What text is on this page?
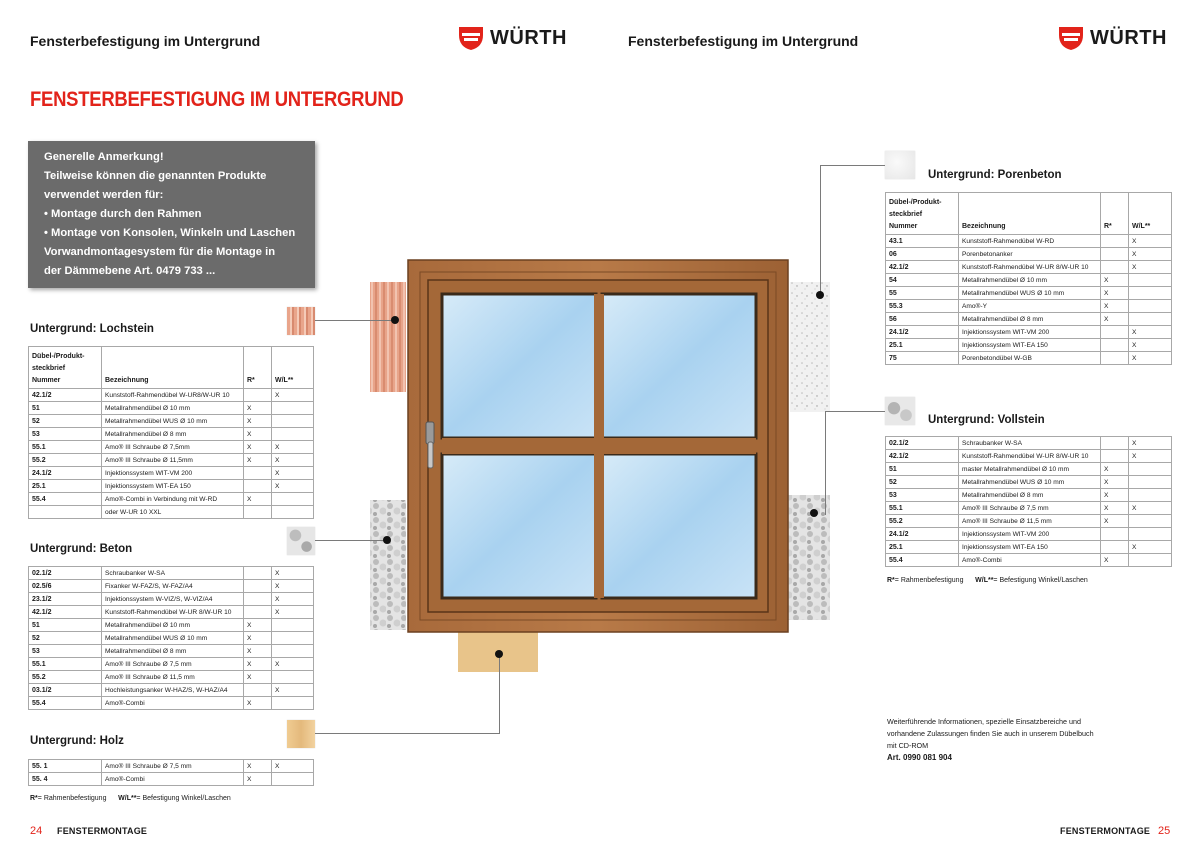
Fensterbefestigung im Untergrund	WÜRTH	Fensterbefestigung im Untergrund	WÜRTH
FENSTERBEFESTIGUNG IM UNTERGRUND
Generelle Anmerkung!
Teilweise können die genannten Produkte
verwendet werden für:
• Montage durch den Rahmen
• Montage von Konsolen, Winkeln und Laschen
Vorwandmontagesystem für die Montage in
der Dämmebene Art. 0479 733 ...
Untergrund: Lochstein
Dübel-/Produkt-
steckbrief
Nummer	Bezeichnung	R*	W/L**
42.1/2	Kunststoff-Rahmendübel W-UR8/W-UR 10		X
51	Metallrahmendübel Ø 10 mm	X	
52	Metallrahmendübel WUS Ø 10 mm	X	
53	Metallrahmendübel Ø 8 mm	X	
55.1	Amo® III Schraube Ø 7,5mm	X	X
55.2	Amo® III Schraube Ø 11,5mm	X	X
24.1/2	Injektionssystem WIT-VM 200		X
25.1	Injektionssystem WIT-EA 150		X
55.4	Amo®-Combi in Verbindung mit W-RD	X	
	oder W-UR 10 XXL		
Untergrund: Beton
02.1/2	Schraubanker W-SA		X
02.5/6	Fixanker W-FAZ/S, W-FAZ/A4		X
23.1/2	Injektionssystem W-VIZ/S, W-VIZ/A4		X
42.1/2	Kunststoff-Rahmendübel W-UR 8/W-UR 10		X
51	Metallrahmendübel Ø 10 mm	X	
52	Metallrahmendübel WUS Ø 10 mm	X	
53	Metallrahmendübel Ø 8 mm	X	
55.1	Amo® III Schraube Ø 7,5 mm	X	X
55.2	Amo® III Schraube Ø 11,5 mm	X	
03.1/2	Hochleistungsanker W-HAZ/S, W-HAZ/A4		X
55.4	Amo®-Combi	X	
Untergrund: Holz
55. 1	Amo® III Schraube Ø 7,5 mm	X	X
55. 4	Amo®-Combi	X	
R*= Rahmenbefestigung W/L**= Befestigung Winkel/Laschen
Untergrund: Porenbeton
Dübel-/Produkt-
steckbrief
Nummer	Bezeichnung	R*	W/L**
43.1	Kunststoff-Rahmendübel W-RD		X
06	Porenbetonanker		X
42.1/2	Kunststoff-Rahmendübel W-UR 8/W-UR 10		X
54	Metallrahmendübel Ø 10 mm	X	
55	Metallrahmendübel WUS Ø 10 mm	X	
55.3	Amo®-Y	X	
56	Metallrahmendübel Ø 8 mm	X	
24.1/2	Injektionssystem WIT-VM 200		X
25.1	Injektionssystem WIT-EA 150		X
75	Porenbetondübel W-GB		X
Untergrund: Vollstein
02.1/2	Schraubanker W-SA		X
42.1/2	Kunststoff-Rahmendübel W-UR 8/W-UR 10		X
51	master Metallrahmendübel Ø 10 mm	X	
52	Metallrahmendübel WUS Ø 10 mm	X	
53	Metallrahmendübel Ø 8 mm	X	
55.1	Amo® III Schraube Ø 7,5 mm	X	X
55.2	Amo® III Schraube Ø 11,5 mm	X	
24.1/2	Injektionssystem WIT-VM 200		
25.1	Injektionssystem WIT-EA 150		X
55.4	Amo®-Combi	X	
R*= Rahmenbefestigung W/L**= Befestigung Winkel/Laschen
Weiterführende Informationen, spezielle Einsatzbereiche und
vorhandene Zulassungen finden Sie auch in unserem Dübelbuch
mit CD-ROM
Art. 0990 081 904
24 FENSTERMONTAGE	FENSTERMONTAGE 25
